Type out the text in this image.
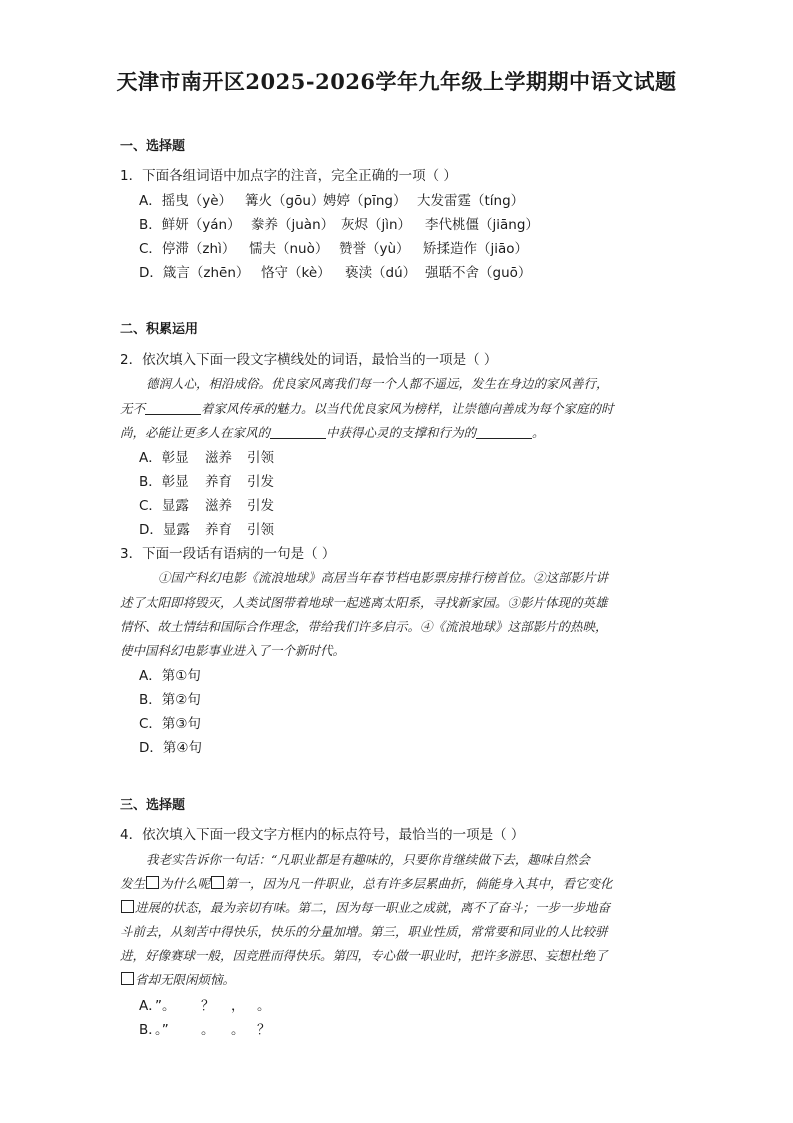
天津市南开区2025-2026学年九年级上学期期中语文试题
一、选择题
1．下面各组词语中加点字的注音，完全正确的一项（ ）
A．摇曳（yè） 篝火（gōu）娉婷（pīng） 大发雷霆（tíng）
B．鲜妍（yán） 豢养（juàn） 灰烬（jìn） 李代桃僵（jiāng）
C．停滞（zhì） 懦夫（nuò） 赞誉（yù） 矫揉造作（jiāo）
D．箴言（zhēn） 恪守（kè） 亵渎（dú） 强聒不舍（guō）
二、积累运用
2．依次填入下面一段文字横线处的词语，最恰当的一项是（ ）
德润人心，相沿成俗。优良家风离我们每一个人都不遥远，发生在身边的家风善行，
无不	着家风传承的魅力。以当代优良家风为榜样，让崇德向善成为每个家庭的时
尚，必能让更多人在家风的	中获得心灵的支撑和行为的	。
A．彰显 滋养 引领
B．彰显 养育 引发
C．显露 滋养 引发
D．显露 养育 引领
3．下面一段话有语病的一句是（ ）
①国产科幻电影《流浪地球》高居当年春节档电影票房排行榜首位。②这部影片讲
述了太阳即将毁灭，人类试图带着地球一起逃离太阳系，寻找新家园。③影片体现的英雄
情怀、故土情结和国际合作理念，带给我们许多启示。④《流浪地球》这部影片的热映，
使中国科幻电影事业进入了一个新时代。
A．第①句
B．第②句
C．第③句
D．第④句
三、选择题
4．依次填入下面一段文字方框内的标点符号，最恰当的一项是（ ）
我老实告诉你一句话：“凡职业都是有趣味的，只要你肯继续做下去，趣味自然会
发生 为什么呢 第一，因为凡一件职业，总有许多层累曲折，倘能身入其中，看它变化
进展的状态，最为亲切有味。第二，因为每一职业之成就，离不了奋斗；一步一步地奋
斗前去，从刻苦中得快乐，快乐的分量加增。第三，职业性质，常常要和同业的人比较骈
进，好像赛球一般，因竞胜而得快乐。第四，专心做一职业时，把许多游思、妄想杜绝了
省却无限闲烦恼。
A．”。 ？ ， 。
B．。” 。 。 ？
